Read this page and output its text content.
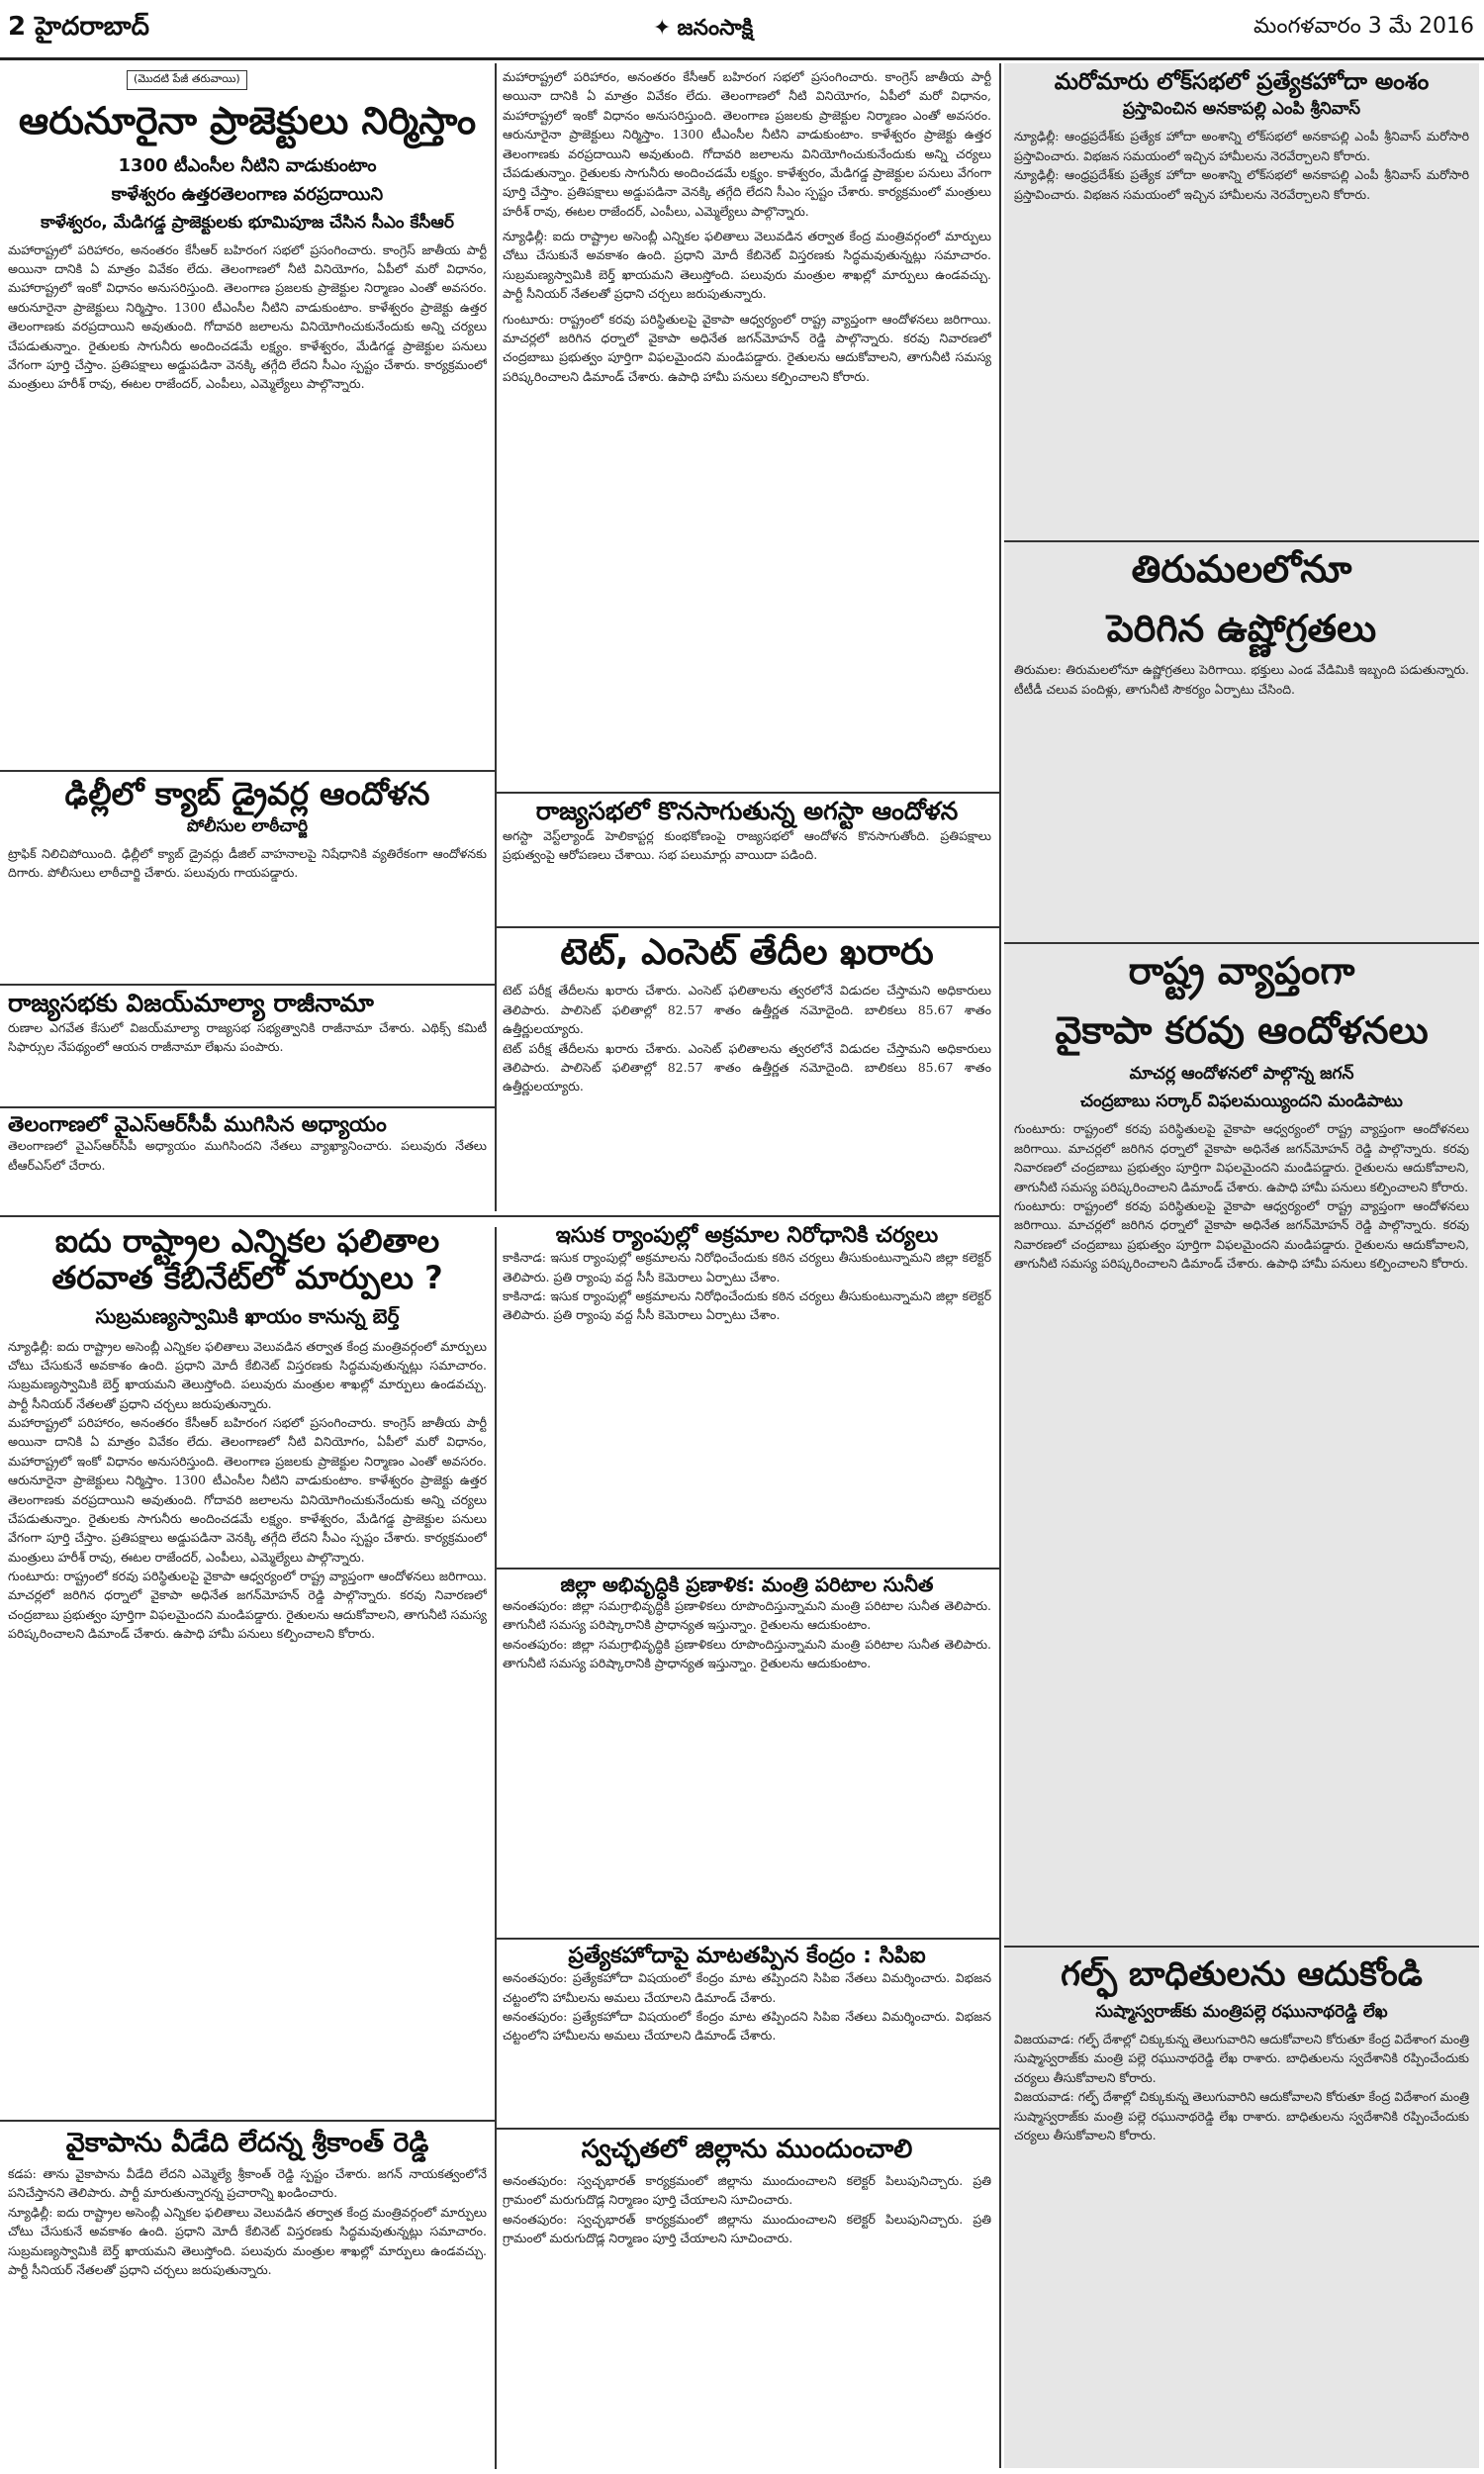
2 హైదరాబాద్	✦ జనంసాక్షి	మంగళవారం 3 మే 2016
(మొదటి పేజీ తరువాయి)
ఆరునూరైనా ప్రాజెక్టులు నిర్మిస్తాం
1300 టీఎంసీల నీటిని వాడుకుంటాం
కాళేశ్వరం ఉత్తరతెలంగాణ వరప్రదాయిని
కాళేశ్వరం, మేడిగడ్డ ప్రాజెక్టులకు భూమిపూజ చేసిన సీఎం కేసీఆర్

మహారాష్ట్రలో పరిహారం, అనంతరం కేసీఆర్ బహిరంగ సభలో ప్రసంగించారు. కాంగ్రెస్ జాతీయ పార్టీ అయినా దానికి ఏ మాత్రం వివేకం లేదు. తెలంగాణలో నీటి వినియోగం, ఏపీలో మరో విధానం, మహారాష్ట్రలో ఇంకో విధానం అనుసరిస్తుంది. తెలంగాణ ప్రజలకు ప్రాజెక్టుల నిర్మాణం ఎంతో అవసరం. ఆరునూరైనా ప్రాజెక్టులు నిర్మిస్తాం. 1300 టీఎంసీల నీటిని వాడుకుంటాం. కాళేశ్వరం ప్రాజెక్టు ఉత్తర తెలంగాణకు వరప్రదాయిని అవుతుంది. గోదావరి జలాలను వినియోగించుకునేందుకు అన్ని చర్యలు చేపడుతున్నాం. రైతులకు సాగునీరు అందించడమే లక్ష్యం. కాళేశ్వరం, మేడిగడ్డ ప్రాజెక్టుల పనులు వేగంగా పూర్తి చేస్తాం. ప్రతిపక్షాలు అడ్డుపడినా వెనక్కి తగ్గేది లేదని సీఎం స్పష్టం చేశారు. కార్యక్రమంలో మంత్రులు హరీశ్ రావు, ఈటల రాజేందర్, ఎంపీలు, ఎమ్మెల్యేలు పాల్గొన్నారు.

ఢిల్లీలో క్యాబ్ డ్రైవర్ల ఆందోళన
పోలీసుల లాఠీచార్జి

ట్రాఫిక్ నిలిచిపోయింది. ఢిల్లీలో క్యాబ్ డ్రైవర్లు డీజిల్ వాహనాలపై నిషేధానికి వ్యతిరేకంగా ఆందోళనకు దిగారు. పోలీసులు లాఠీచార్జి చేశారు. పలువురు గాయపడ్డారు.

రాజ్యసభకు విజయ్‌మాల్యా రాజీనామా

రుణాల ఎగవేత కేసులో విజయ్‌మాల్యా రాజ్యసభ సభ్యత్వానికి రాజీనామా చేశారు. ఎథిక్స్ కమిటీ సిఫార్సుల నేపథ్యంలో ఆయన రాజీనామా లేఖను పంపారు.

తెలంగాణలో వైఎస్ఆర్‌సీపీ ముగిసిన అధ్యాయం

తెలంగాణలో వైఎస్ఆర్‌సీపీ అధ్యాయం ముగిసిందని నేతలు వ్యాఖ్యానించారు. పలువురు నేతలు టీఆర్ఎస్‌లో చేరారు.

మహారాష్ట్రలో పరిహారం, అనంతరం కేసీఆర్ బహిరంగ సభలో ప్రసంగించారు. కాంగ్రెస్ జాతీయ పార్టీ అయినా దానికి ఏ మాత్రం వివేకం లేదు. తెలంగాణలో నీటి వినియోగం, ఏపీలో మరో విధానం, మహారాష్ట్రలో ఇంకో విధానం అనుసరిస్తుంది. తెలంగాణ ప్రజలకు ప్రాజెక్టుల నిర్మాణం ఎంతో అవసరం. ఆరునూరైనా ప్రాజెక్టులు నిర్మిస్తాం. 1300 టీఎంసీల నీటిని వాడుకుంటాం. కాళేశ్వరం ప్రాజెక్టు ఉత్తర తెలంగాణకు వరప్రదాయిని అవుతుంది. గోదావరి జలాలను వినియోగించుకునేందుకు అన్ని చర్యలు చేపడుతున్నాం. రైతులకు సాగునీరు అందించడమే లక్ష్యం. కాళేశ్వరం, మేడిగడ్డ ప్రాజెక్టుల పనులు వేగంగా పూర్తి చేస్తాం. ప్రతిపక్షాలు అడ్డుపడినా వెనక్కి తగ్గేది లేదని సీఎం స్పష్టం చేశారు. కార్యక్రమంలో మంత్రులు హరీశ్ రావు, ఈటల రాజేందర్, ఎంపీలు, ఎమ్మెల్యేలు పాల్గొన్నారు.

న్యూఢిల్లీ: ఐదు రాష్ట్రాల అసెంబ్లీ ఎన్నికల ఫలితాలు వెలువడిన తర్వాత కేంద్ర మంత్రివర్గంలో మార్పులు చోటు చేసుకునే అవకాశం ఉంది. ప్రధాని మోదీ కేబినెట్ విస్తరణకు సిద్ధమవుతున్నట్లు సమాచారం. సుబ్రమణ్యస్వామికి బెర్త్ ఖాయమని తెలుస్తోంది. పలువురు మంత్రుల శాఖల్లో మార్పులు ఉండవచ్చు. పార్టీ సీనియర్ నేతలతో ప్రధాని చర్చలు జరుపుతున్నారు.

గుంటూరు: రాష్ట్రంలో కరవు పరిస్థితులపై వైకాపా ఆధ్వర్యంలో రాష్ట్ర వ్యాప్తంగా ఆందోళనలు జరిగాయి. మాచర్లలో జరిగిన ధర్నాలో వైకాపా అధినేత జగన్‌మోహన్ రెడ్డి పాల్గొన్నారు. కరవు నివారణలో చంద్రబాబు ప్రభుత్వం పూర్తిగా విఫలమైందని మండిపడ్డారు. రైతులను ఆదుకోవాలని, తాగునీటి సమస్య పరిష్కరించాలని డిమాండ్ చేశారు. ఉపాధి హామీ పనులు కల్పించాలని కోరారు.

రాజ్యసభలో కొనసాగుతున్న అగస్టా ఆందోళన

అగస్టా వెస్ట్‌ల్యాండ్ హెలికాప్టర్ల కుంభకోణంపై రాజ్యసభలో ఆందోళన కొనసాగుతోంది. ప్రతిపక్షాలు ప్రభుత్వంపై ఆరోపణలు చేశాయి. సభ పలుమార్లు వాయిదా పడింది.

టెట్, ఎంసెట్ తేదీల ఖరారు

టెట్ పరీక్ష తేదీలను ఖరారు చేశారు. ఎంసెట్ ఫలితాలను త్వరలోనే విడుదల చేస్తామని అధికారులు తెలిపారు. పాలిసెట్ ఫలితాల్లో 82.57 శాతం ఉత్తీర్ణత నమోదైంది. బాలికలు 85.67 శాతం ఉత్తీర్ణులయ్యారు.

టెట్ పరీక్ష తేదీలను ఖరారు చేశారు. ఎంసెట్ ఫలితాలను త్వరలోనే విడుదల చేస్తామని అధికారులు తెలిపారు. పాలిసెట్ ఫలితాల్లో 82.57 శాతం ఉత్తీర్ణత నమోదైంది. బాలికలు 85.67 శాతం ఉత్తీర్ణులయ్యారు.

ఐదు రాష్ట్రాల ఎన్నికల ఫలితాల తరవాత కేబినేట్‌లో మార్పులు ?
సుబ్రమణ్యస్వామికి ఖాయం కానున్న బెర్త్

న్యూఢిల్లీ: ఐదు రాష్ట్రాల అసెంబ్లీ ఎన్నికల ఫలితాలు వెలువడిన తర్వాత కేంద్ర మంత్రివర్గంలో మార్పులు చోటు చేసుకునే అవకాశం ఉంది. ప్రధాని మోదీ కేబినెట్ విస్తరణకు సిద్ధమవుతున్నట్లు సమాచారం. సుబ్రమణ్యస్వామికి బెర్త్ ఖాయమని తెలుస్తోంది. పలువురు మంత్రుల శాఖల్లో మార్పులు ఉండవచ్చు. పార్టీ సీనియర్ నేతలతో ప్రధాని చర్చలు జరుపుతున్నారు.

మహారాష్ట్రలో పరిహారం, అనంతరం కేసీఆర్ బహిరంగ సభలో ప్రసంగించారు. కాంగ్రెస్ జాతీయ పార్టీ అయినా దానికి ఏ మాత్రం వివేకం లేదు. తెలంగాణలో నీటి వినియోగం, ఏపీలో మరో విధానం, మహారాష్ట్రలో ఇంకో విధానం అనుసరిస్తుంది. తెలంగాణ ప్రజలకు ప్రాజెక్టుల నిర్మాణం ఎంతో అవసరం. ఆరునూరైనా ప్రాజెక్టులు నిర్మిస్తాం. 1300 టీఎంసీల నీటిని వాడుకుంటాం. కాళేశ్వరం ప్రాజెక్టు ఉత్తర తెలంగాణకు వరప్రదాయిని అవుతుంది. గోదావరి జలాలను వినియోగించుకునేందుకు అన్ని చర్యలు చేపడుతున్నాం. రైతులకు సాగునీరు అందించడమే లక్ష్యం. కాళేశ్వరం, మేడిగడ్డ ప్రాజెక్టుల పనులు వేగంగా పూర్తి చేస్తాం. ప్రతిపక్షాలు అడ్డుపడినా వెనక్కి తగ్గేది లేదని సీఎం స్పష్టం చేశారు. కార్యక్రమంలో మంత్రులు హరీశ్ రావు, ఈటల రాజేందర్, ఎంపీలు, ఎమ్మెల్యేలు పాల్గొన్నారు.

గుంటూరు: రాష్ట్రంలో కరవు పరిస్థితులపై వైకాపా ఆధ్వర్యంలో రాష్ట్ర వ్యాప్తంగా ఆందోళనలు జరిగాయి. మాచర్లలో జరిగిన ధర్నాలో వైకాపా అధినేత జగన్‌మోహన్ రెడ్డి పాల్గొన్నారు. కరవు నివారణలో చంద్రబాబు ప్రభుత్వం పూర్తిగా విఫలమైందని మండిపడ్డారు. రైతులను ఆదుకోవాలని, తాగునీటి సమస్య పరిష్కరించాలని డిమాండ్ చేశారు. ఉపాధి హామీ పనులు కల్పించాలని కోరారు.

వైకాపాను వీడేది లేదన్న శ్రీకాంత్ రెడ్డి

కడప: తాను వైకాపాను వీడేది లేదని ఎమ్మెల్యే శ్రీకాంత్ రెడ్డి స్పష్టం చేశారు. జగన్ నాయకత్వంలోనే పనిచేస్తానని తెలిపారు. పార్టీ మారుతున్నారన్న ప్రచారాన్ని ఖండించారు.

న్యూఢిల్లీ: ఐదు రాష్ట్రాల అసెంబ్లీ ఎన్నికల ఫలితాలు వెలువడిన తర్వాత కేంద్ర మంత్రివర్గంలో మార్పులు చోటు చేసుకునే అవకాశం ఉంది. ప్రధాని మోదీ కేబినెట్ విస్తరణకు సిద్ధమవుతున్నట్లు సమాచారం. సుబ్రమణ్యస్వామికి బెర్త్ ఖాయమని తెలుస్తోంది. పలువురు మంత్రుల శాఖల్లో మార్పులు ఉండవచ్చు. పార్టీ సీనియర్ నేతలతో ప్రధాని చర్చలు జరుపుతున్నారు.

ఇసుక ర్యాంపుల్లో అక్రమాల నిరోధానికి చర్యలు

కాకినాడ: ఇసుక ర్యాంపుల్లో అక్రమాలను నిరోధించేందుకు కఠిన చర్యలు తీసుకుంటున్నామని జిల్లా కలెక్టర్ తెలిపారు. ప్రతి ర్యాంపు వద్ద సీసీ కెమెరాలు ఏర్పాటు చేశాం.

కాకినాడ: ఇసుక ర్యాంపుల్లో అక్రమాలను నిరోధించేందుకు కఠిన చర్యలు తీసుకుంటున్నామని జిల్లా కలెక్టర్ తెలిపారు. ప్రతి ర్యాంపు వద్ద సీసీ కెమెరాలు ఏర్పాటు చేశాం.

జిల్లా అభివృద్ధికి ప్రణాళిక: మంత్రి పరిటాల సునీత

అనంతపురం: జిల్లా సమగ్రాభివృద్ధికి ప్రణాళికలు రూపొందిస్తున్నామని మంత్రి పరిటాల సునీత తెలిపారు. తాగునీటి సమస్య పరిష్కారానికి ప్రాధాన్యత ఇస్తున్నాం. రైతులను ఆదుకుంటాం.

అనంతపురం: జిల్లా సమగ్రాభివృద్ధికి ప్రణాళికలు రూపొందిస్తున్నామని మంత్రి పరిటాల సునీత తెలిపారు. తాగునీటి సమస్య పరిష్కారానికి ప్రాధాన్యత ఇస్తున్నాం. రైతులను ఆదుకుంటాం.

ప్రత్యేకహోదాపై మాటతప్పిన కేంద్రం : సిపిఐ

అనంతపురం: ప్రత్యేకహోదా విషయంలో కేంద్రం మాట తప్పిందని సిపిఐ నేతలు విమర్శించారు. విభజన చట్టంలోని హామీలను అమలు చేయాలని డిమాండ్ చేశారు.

అనంతపురం: ప్రత్యేకహోదా విషయంలో కేంద్రం మాట తప్పిందని సిపిఐ నేతలు విమర్శించారు. విభజన చట్టంలోని హామీలను అమలు చేయాలని డిమాండ్ చేశారు.

స్వచ్ఛతలో జిల్లాను ముందుంచాలి

అనంతపురం: స్వచ్ఛభారత్ కార్యక్రమంలో జిల్లాను ముందుంచాలని కలెక్టర్ పిలుపునిచ్చారు. ప్రతి గ్రామంలో మరుగుదొడ్ల నిర్మాణం పూర్తి చేయాలని సూచించారు.

అనంతపురం: స్వచ్ఛభారత్ కార్యక్రమంలో జిల్లాను ముందుంచాలని కలెక్టర్ పిలుపునిచ్చారు. ప్రతి గ్రామంలో మరుగుదొడ్ల నిర్మాణం పూర్తి చేయాలని సూచించారు.

మరోమారు లోక్‌సభలో ప్రత్యేకహోదా అంశం
ప్రస్తావించిన అనకాపల్లి ఎంపి శ్రీనివాస్

న్యూఢిల్లీ: ఆంధ్రప్రదేశ్‌కు ప్రత్యేక హోదా అంశాన్ని లోక్‌సభలో అనకాపల్లి ఎంపీ శ్రీనివాస్ మరోసారి ప్రస్తావించారు. విభజన సమయంలో ఇచ్చిన హామీలను నెరవేర్చాలని కోరారు.

న్యూఢిల్లీ: ఆంధ్రప్రదేశ్‌కు ప్రత్యేక హోదా అంశాన్ని లోక్‌సభలో అనకాపల్లి ఎంపీ శ్రీనివాస్ మరోసారి ప్రస్తావించారు. విభజన సమయంలో ఇచ్చిన హామీలను నెరవేర్చాలని కోరారు.

తిరుమలలోనూ
పెరిగిన ఉష్ణోగ్రతలు

తిరుమల: తిరుమలలోనూ ఉష్ణోగ్రతలు పెరిగాయి. భక్తులు ఎండ వేడిమికి ఇబ్బంది పడుతున్నారు. టీటీడీ చలువ పందిళ్లు, తాగునీటి సౌకర్యం ఏర్పాటు చేసింది.

రాష్ట్ర వ్యాప్తంగా
వైకాపా కరవు ఆందోళనలు
మాచర్ల ఆందోళనలో పాల్గొన్న జగన్
చంద్రబాబు సర్కార్ విఫలమయ్యిందని మండిపాటు

గుంటూరు: రాష్ట్రంలో కరవు పరిస్థితులపై వైకాపా ఆధ్వర్యంలో రాష్ట్ర వ్యాప్తంగా ఆందోళనలు జరిగాయి. మాచర్లలో జరిగిన ధర్నాలో వైకాపా అధినేత జగన్‌మోహన్ రెడ్డి పాల్గొన్నారు. కరవు నివారణలో చంద్రబాబు ప్రభుత్వం పూర్తిగా విఫలమైందని మండిపడ్డారు. రైతులను ఆదుకోవాలని, తాగునీటి సమస్య పరిష్కరించాలని డిమాండ్ చేశారు. ఉపాధి హామీ పనులు కల్పించాలని కోరారు.

గుంటూరు: రాష్ట్రంలో కరవు పరిస్థితులపై వైకాపా ఆధ్వర్యంలో రాష్ట్ర వ్యాప్తంగా ఆందోళనలు జరిగాయి. మాచర్లలో జరిగిన ధర్నాలో వైకాపా అధినేత జగన్‌మోహన్ రెడ్డి పాల్గొన్నారు. కరవు నివారణలో చంద్రబాబు ప్రభుత్వం పూర్తిగా విఫలమైందని మండిపడ్డారు. రైతులను ఆదుకోవాలని, తాగునీటి సమస్య పరిష్కరించాలని డిమాండ్ చేశారు. ఉపాధి హామీ పనులు కల్పించాలని కోరారు.

గల్ఫ్ బాధితులను ఆదుకోండి
సుష్మాస్వరాజ్‌కు మంత్రిపల్లె రఘునాథరెడ్డి లేఖ

విజయవాడ: గల్ఫ్ దేశాల్లో చిక్కుకున్న తెలుగువారిని ఆదుకోవాలని కోరుతూ కేంద్ర విదేశాంగ మంత్రి సుష్మాస్వరాజ్‌కు మంత్రి పల్లె రఘునాథరెడ్డి లేఖ రాశారు. బాధితులను స్వదేశానికి రప్పించేందుకు చర్యలు తీసుకోవాలని కోరారు.

విజయవాడ: గల్ఫ్ దేశాల్లో చిక్కుకున్న తెలుగువారిని ఆదుకోవాలని కోరుతూ కేంద్ర విదేశాంగ మంత్రి సుష్మాస్వరాజ్‌కు మంత్రి పల్లె రఘునాథరెడ్డి లేఖ రాశారు. బాధితులను స్వదేశానికి రప్పించేందుకు చర్యలు తీసుకోవాలని కోరారు.
